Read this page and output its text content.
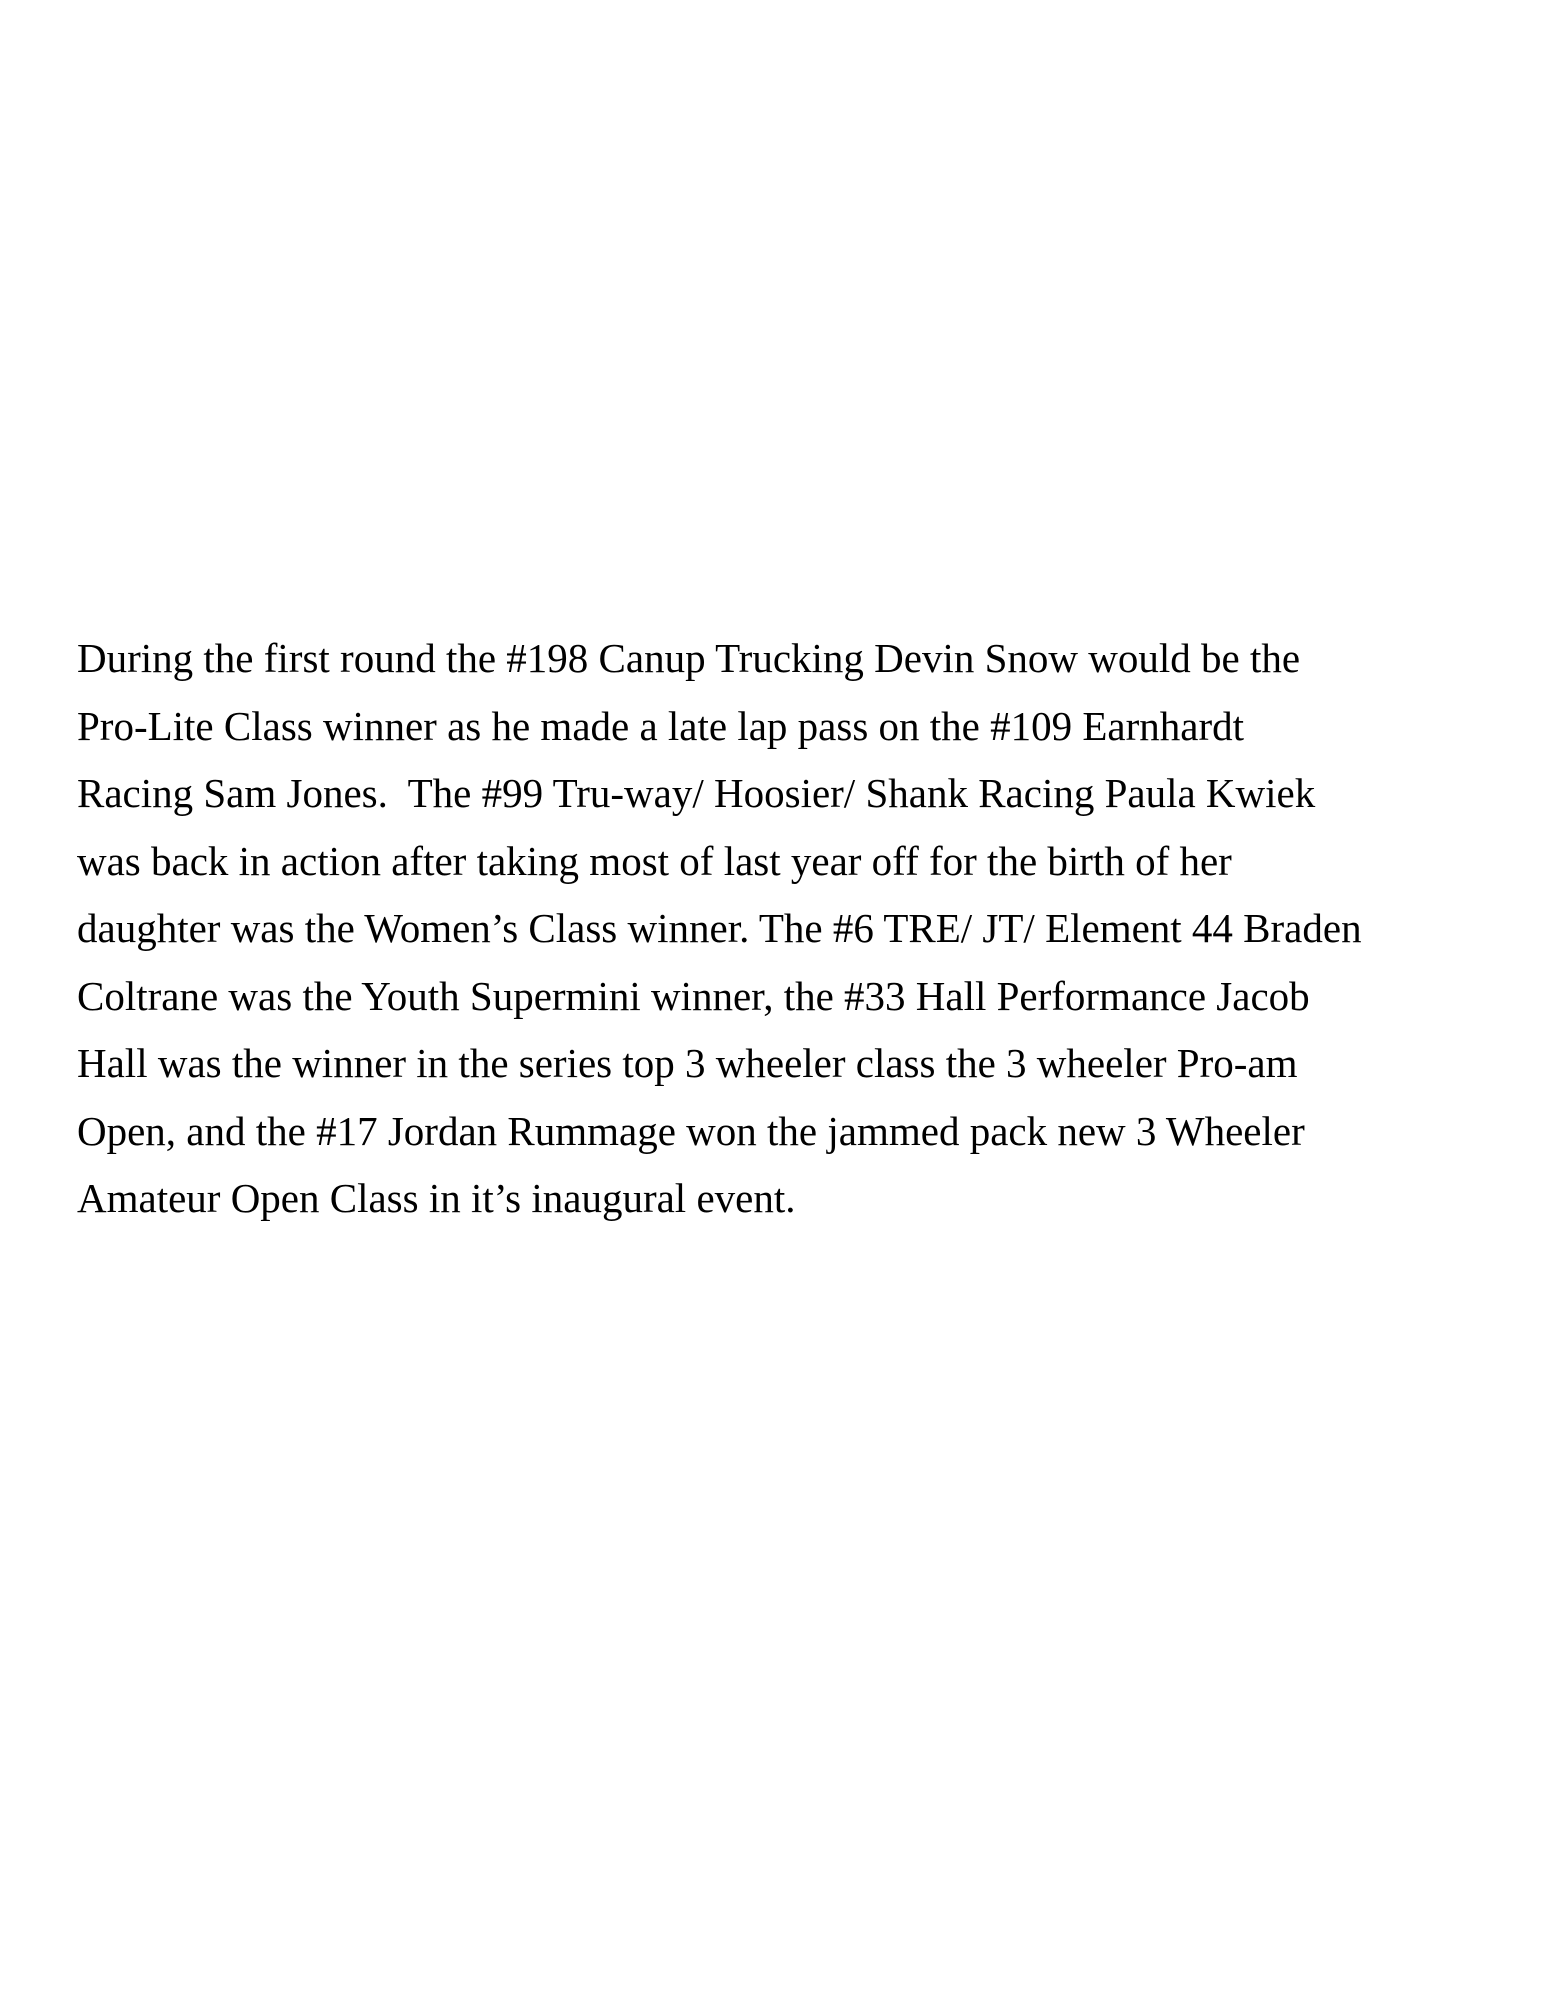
During the first round the #198 Canup Trucking Devin Snow would be the
Pro-Lite Class winner as he made a late lap pass on the #109 Earnhardt
Racing Sam Jones.  The #99 Tru-way/ Hoosier/ Shank Racing Paula Kwiek
was back in action after taking most of last year off for the birth of her
daughter was the Women’s Class winner. The #6 TRE/ JT/ Element 44 Braden
Coltrane was the Youth Supermini winner, the #33 Hall Performance Jacob
Hall was the winner in the series top 3 wheeler class the 3 wheeler Pro-am
Open, and the #17 Jordan Rummage won the jammed pack new 3 Wheeler
Amateur Open Class in it’s inaugural event.
